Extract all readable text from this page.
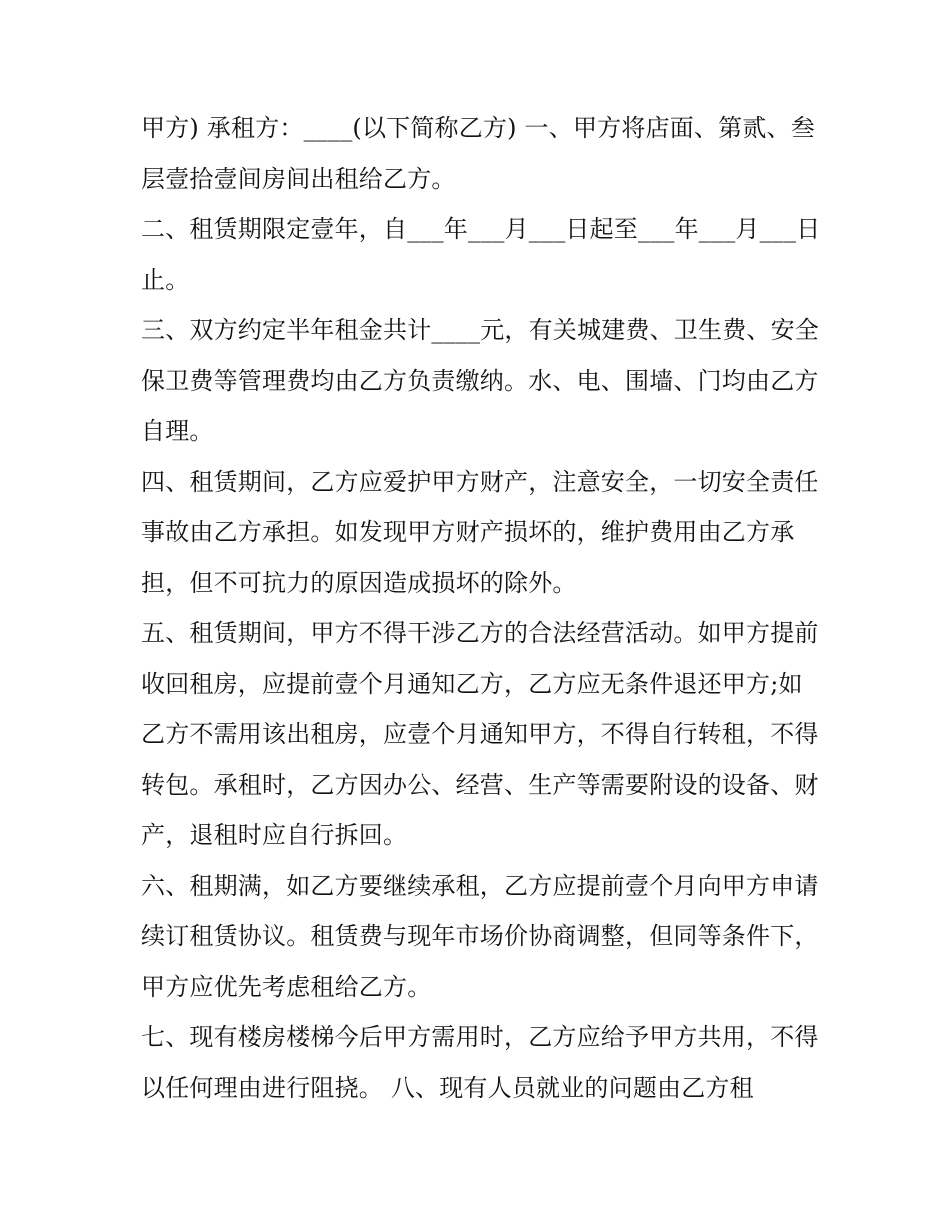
甲方) 承租方：____(以下简称乙方) 一、甲方将店面、第贰、叁层壹拾壹间房间出租给乙方。

二、租赁期限定壹年，自___年___月___日起至___年___月___日止。

三、双方约定半年租金共计____元，有关城建费、卫生费、安全保卫费等管理费均由乙方负责缴纳。水、电、围墙、门均由乙方自理。

四、租赁期间，乙方应爱护甲方财产，注意安全，一切安全责任事故由乙方承担。如发现甲方财产损坏的，维护费用由乙方承担，但不可抗力的原因造成损坏的除外。

五、租赁期间，甲方不得干涉乙方的合法经营活动。如甲方提前收回租房，应提前壹个月通知乙方，乙方应无条件退还甲方;如乙方不需用该出租房，应壹个月通知甲方，不得自行转租，不得转包。承租时，乙方因办公、经营、生产等需要附设的设备、财产，退租时应自行拆回。

六、租期满，如乙方要继续承租，乙方应提前壹个月向甲方申请续订租赁协议。租赁费与现年市场价协商调整，但同等条件下，甲方应优先考虑租给乙方。

七、现有楼房楼梯今后甲方需用时，乙方应给予甲方共用，不得以任何理由进行阻挠。 八、现有人员就业的问题由乙方租
